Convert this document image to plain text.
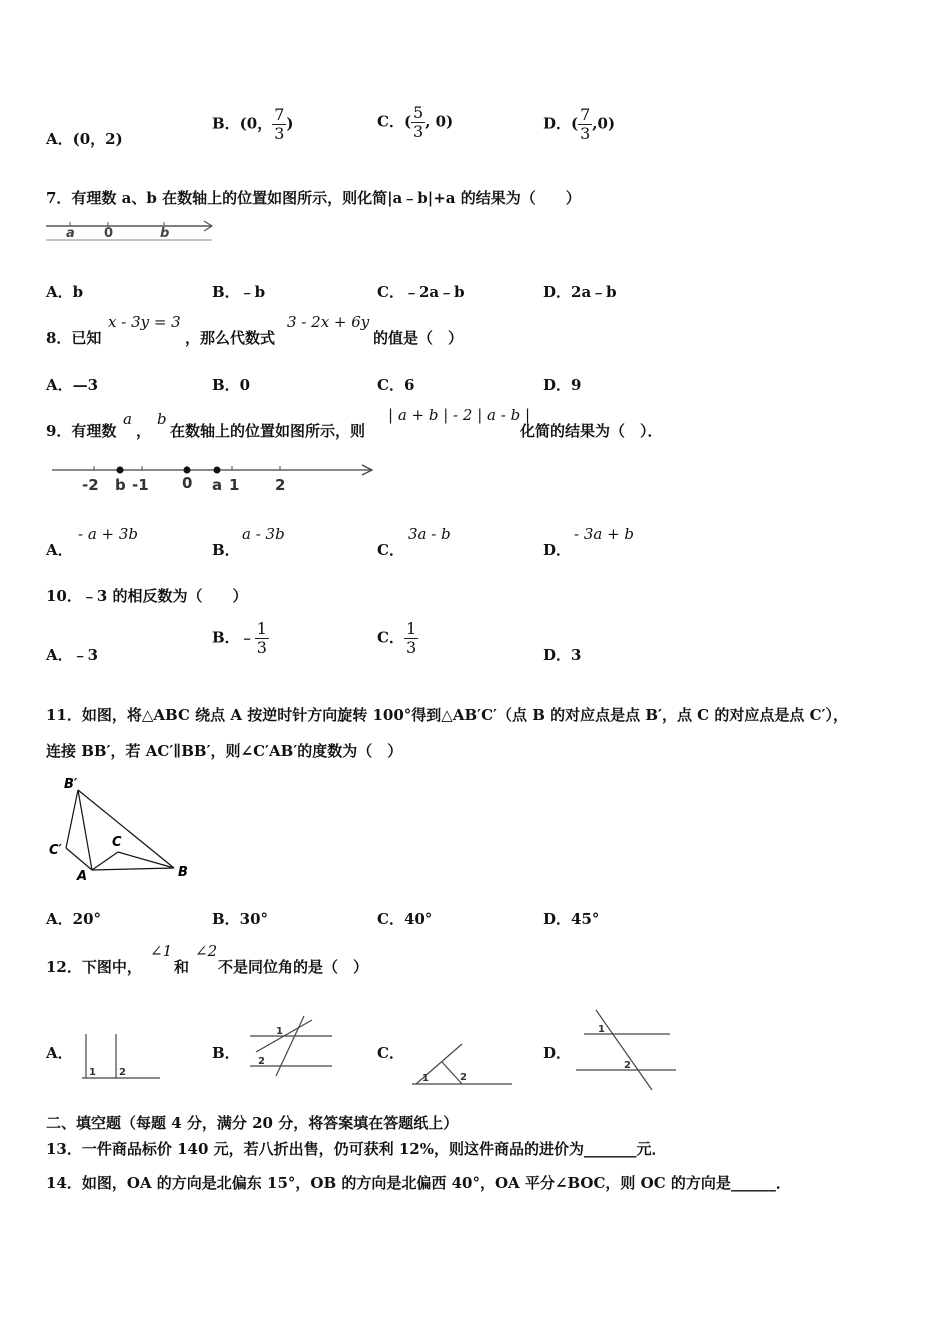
A．(0，2)
B．(0， $\frac{7}{3}$ )	C．( $\frac{5}{3}$ , 0)	D．( $\frac{7}{3} ,0$)
7．有理数 a、b 在数轴上的位置如图所示，则化简|a﹣b|+a 的结果为（　　）
a 0	b
A．b	B．﹣b	C．﹣2a﹣b	D．2a﹣b
8．已知
x - 3y = 3
，那么代数式
3 - 2x + 6y
的值是（　）
A．—3	B．0	C．6	D．9
9．有理数
a
，
b
在数轴上的位置如图所示，则
| a + b | - 2 | a - b |
化简的结果为（　）．
-2 b -1 0 a 1 2
A．
- a + 3b
B．
a - 3b
C．
3a - b
D．
- 3a + b
10．﹣3 的相反数为（　　）
A．﹣3
B．﹣ $\frac{1}{3}$	C． $\frac{1}{3}$	D．3
11．如图，将△ABC 绕点 A 按逆时针方向旋转 100°得到△AB′C′（点 B 的对应点是点 B′，点 C 的对应点是点 C′），
连接 BB′，若 AC′∥BB′，则∠C′AB′的度数为（　）
B′
C′
C
A	B
A．20°	B．30°	C．40°	D．45°
12．下图中，
∠1
和
∠2
不是同位角的是（　）
A．
1 2
B．
1
2	C．
1	2
D．
1
2
二、填空题（每题 4 分，满分 20 分，将答案填在答题纸上）
13．一件商品标价 140 元，若八折出售，仍可获利 12%，则这件商品的进价为_______元．
14．如图，OA 的方向是北偏东 15°，OB 的方向是北偏西 40°，OA 平分∠BOC，则 OC 的方向是______．
